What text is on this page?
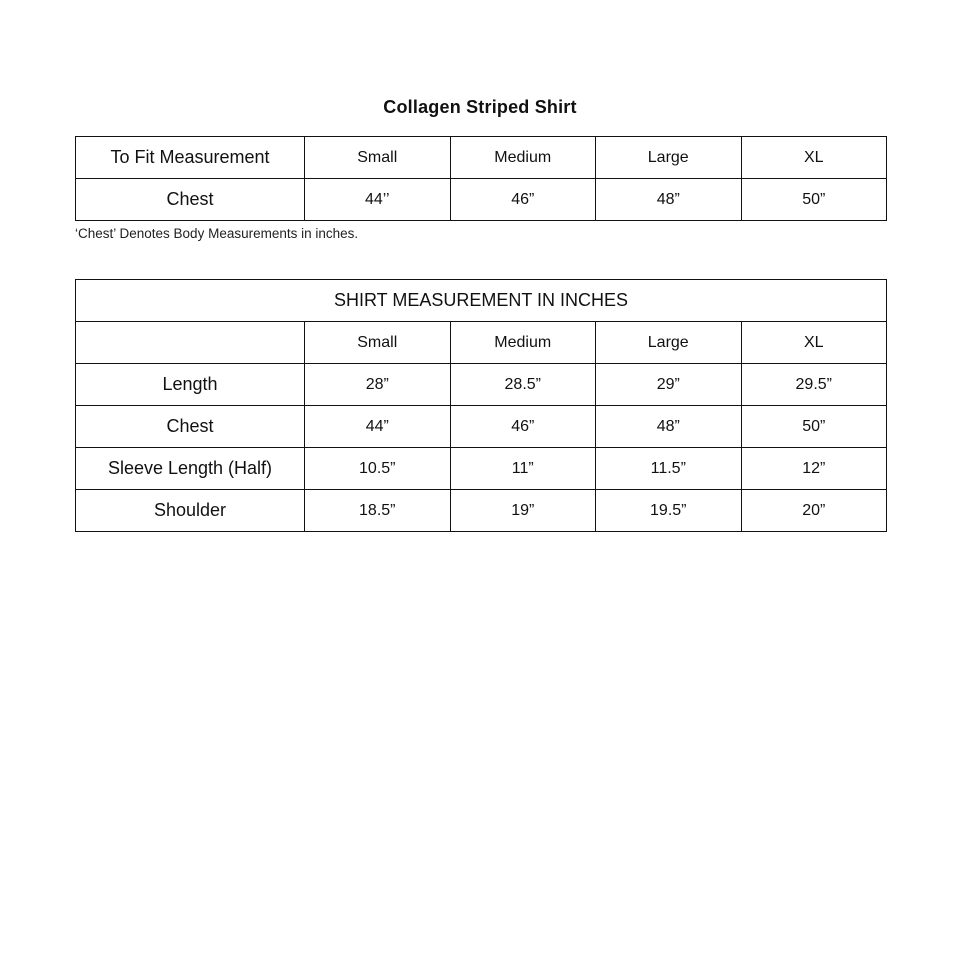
Collagen Striped Shirt
To Fit Measurement	Small	Medium	Large	XL
Chest	44’’	46”	48”	50”
‘Chest’ Denotes Body Measurements in inches.
SHIRT MEASUREMENT IN INCHES				
	Small	Medium	Large	XL
Length	28”	28.5”	29”	29.5”
Chest	44”	46”	48”	50”
Sleeve Length (Half)	10.5”	11”	11.5”	12”
Shoulder	18.5”	19”	19.5”	20”
